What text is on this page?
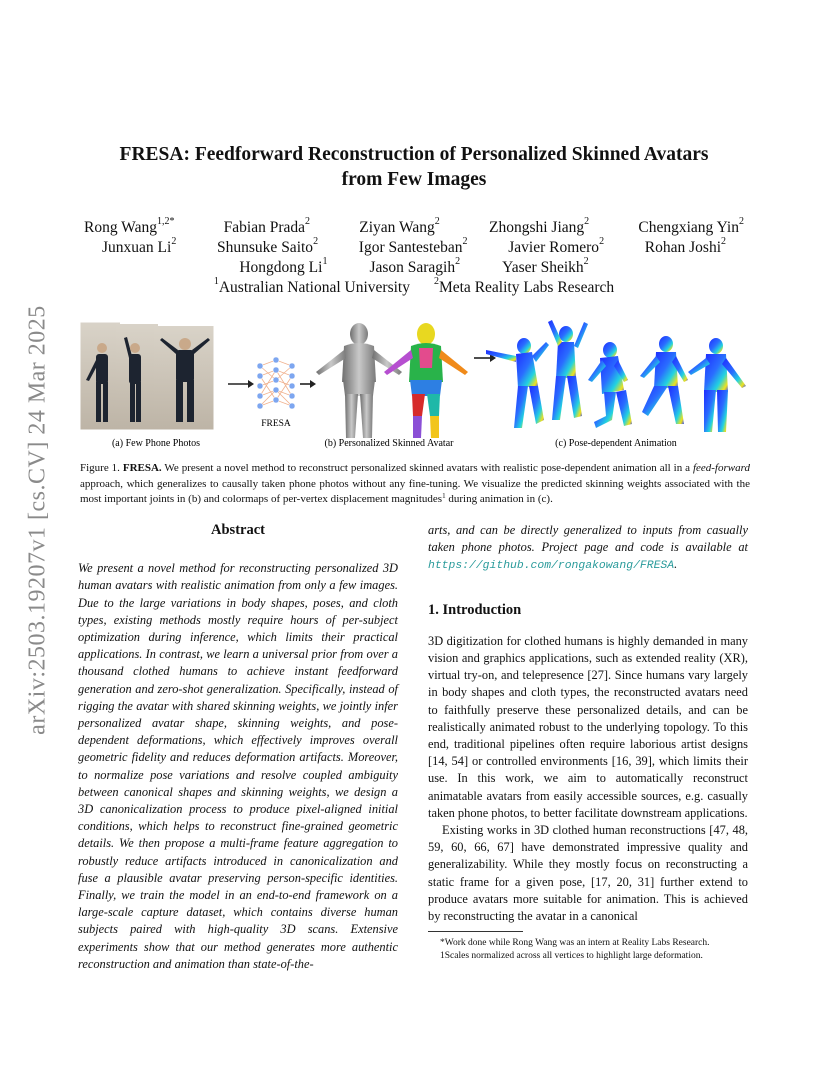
arXiv:2503.19207v1 [cs.CV] 24 Mar 2025
FRESA: Feedforward Reconstruction of Personalized Skinned Avatars
from Few Images
Rong Wang$^{1,2*}$	Fabian Prada$^2$	Ziyan Wang$^2$	Zhongshi Jiang$^2$	Chengxiang Yin$^2$
Junxuan Li$^2$	Shunsuke Saito$^2$	Igor Santesteban$^2$	Javier Romero$^2$	Rohan Joshi$^2$
Hongdong Li$^1$	Jason Saragih$^2$	Yaser Sheikh$^2$
$^1$Australian National University $^2$Meta Reality Labs Research
(a) Few Phone Photos
FRESA
(b) Personalized Skinned Avatar	(c) Pose-dependent Animation
Figure 1. FRESA. We present a novel method to reconstruct personalized skinned avatars with realistic pose-dependent animation all in a feed-forward approach, which generalizes to causally taken phone photos without any fine-tuning. We visualize the predicted skinning weights associated with the most important joints in (b) and colormaps of per-vertex displacement magnitudes$^1$ during animation in (c).
Abstract

We present a novel method for reconstructing personalized 3D human avatars with realistic animation from only a few images. Due to the large variations in body shapes, poses, and cloth types, existing methods mostly require hours of per-subject optimization during inference, which limits their practical applications. In contrast, we learn a universal prior from over a thousand clothed humans to achieve instant feedforward generation and zero-shot generalization. Specifically, instead of rigging the avatar with shared skinning weights, we jointly infer personalized avatar shape, skinning weights, and pose-dependent deformations, which effectively improves overall geometric fidelity and reduces deformation artifacts. Moreover, to normalize pose variations and resolve coupled ambiguity between canonical shapes and skinning weights, we design a 3D canonicalization process to produce pixel-aligned initial conditions, which helps to reconstruct fine-grained geometric details. We then propose a multi-frame feature aggregation to robustly reduce artifacts introduced in canonicalization and fuse a plausible avatar preserving person-specific identities. Finally, we train the model in an end-to-end framework on a large-scale capture dataset, which contains diverse human subjects paired with high-quality 3D scans. Extensive experiments show that our method generates more authentic reconstruction and animation than state-of-the-

arts, and can be directly generalized to inputs from casually taken phone photos. Project page and code is available at https://github.com/rongakowang/FRESA.

1. Introduction

3D digitization for clothed humans is highly demanded in many vision and graphics applications, such as extended reality (XR), virtual try-on, and telepresence [27]. Since humans vary largely in body shapes and cloth types, the reconstructed avatars need to faithfully preserve these personalized details, and can be realistically animated robust to the underlying topology. To this end, traditional pipelines often require laborious artist designs [14, 54] or controlled environments [16, 39], which limits their use. In this work, we aim to automatically reconstruct animatable avatars from easily accessible sources, e.g. casually taken phone photos, to better facilitate downstream applications.

Existing works in 3D clothed human reconstructions [47, 48, 59, 60, 66, 67] have demonstrated impressive quality and generalizability. While they mostly focus on reconstructing a static frame for a given pose, [17, 20, 31] further extend to produce avatars more suitable for animation. This is achieved by reconstructing the avatar in a canonical

*Work done while Rong Wang was an intern at Reality Labs Research.
1Scales normalized across all vertices to highlight large deformation.
